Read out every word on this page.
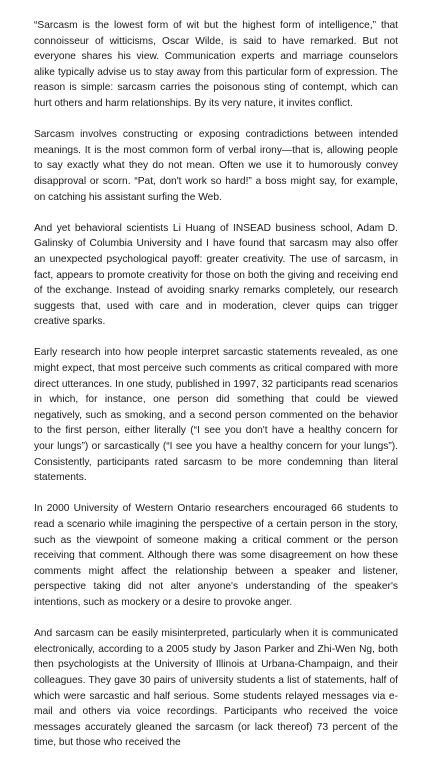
“Sarcasm is the lowest form of wit but the highest form of intelligence,” that connoisseur of witticisms, Oscar Wilde, is said to have remarked. But not everyone shares his view. Communication experts and marriage counselors alike typically advise us to stay away from this particular form of expression. The reason is simple: sarcasm carries the poisonous sting of contempt, which can hurt others and harm relationships. By its very nature, it invites conflict.

Sarcasm involves constructing or exposing contradictions between intended meanings. It is the most common form of verbal irony—that is, allowing people to say exactly what they do not mean. Often we use it to humorously convey disapproval or scorn. “Pat, don't work so hard!” a boss might say, for example, on catching his assistant surfing the Web.

And yet behavioral scientists Li Huang of INSEAD business school, Adam D. Galinsky of Columbia University and I have found that sarcasm may also offer an unexpected psychological payoff: greater creativity. The use of sarcasm, in fact, appears to promote creativity for those on both the giving and receiving end of the exchange. Instead of avoiding snarky remarks completely, our research suggests that, used with care and in moderation, clever quips can trigger creative sparks.

Early research into how people interpret sarcastic statements revealed, as one might expect, that most perceive such comments as critical compared with more direct utterances. In one study, published in 1997, 32 participants read scenarios in which, for instance, one person did something that could be viewed negatively, such as smoking, and a second person commented on the behavior to the first person, either literally (“I see you don't have a healthy concern for your lungs”) or sarcastically (“I see you have a healthy concern for your lungs”). Consistently, participants rated sarcasm to be more condemning than literal statements.

In 2000 University of Western Ontario researchers encouraged 66 students to read a scenario while imagining the perspective of a certain person in the story, such as the viewpoint of someone making a critical comment or the person receiving that comment. Although there was some disagreement on how these comments might affect the relationship between a speaker and listener, perspective taking did not alter anyone's understanding of the speaker's intentions, such as mockery or a desire to provoke anger.

And sarcasm can be easily misinterpreted, particularly when it is communicated electronically, according to a 2005 study by Jason Parker and Zhi-Wen Ng, both then psychologists at the University of Illinois at Urbana-Champaign, and their colleagues. They gave 30 pairs of university students a list of statements, half of which were sarcastic and half serious. Some students relayed messages via e-mail and others via voice recordings. Participants who received the voice messages accurately gleaned the sarcasm (or lack thereof) 73 percent of the time, but those who received the
